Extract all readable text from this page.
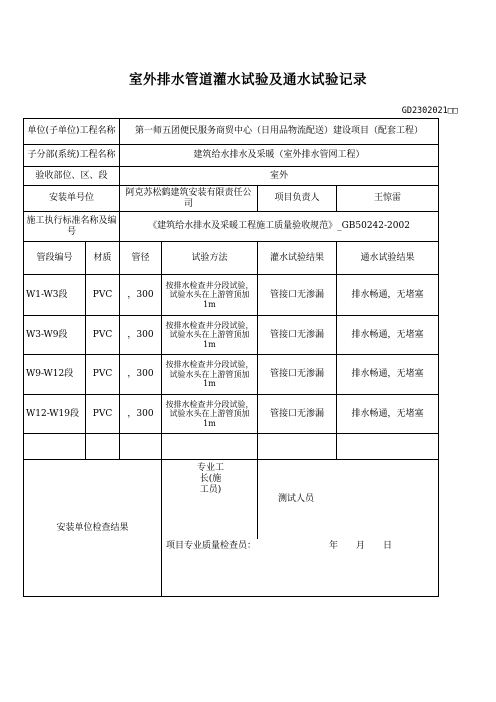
室外排水管道灌水试验及通水试验记录
GD2302021□□
单位(子单位)工程名称		第一师五团便民服务商贸中心（日用品物流配送）建设项目（配套工程）			
子分部(系统)工程名称		建筑给水排水及采暖（室外排水管网工程）			
验收部位、区、段		室外			
安装单号位		阿克苏松鹤建筑安装有限责任公司		项目负责人	王惊雷
施工执行标准名称及编号		《建筑给水排水及采暖工程施工质量验收规范》_GB50242-2002			
管段编号	材质	管径	试验方法	灌水试验结果	通水试验结果
W1-W3段	PVC	，300	按排水检查井分段试验，试验水头在上游管顶加1m	管接口无渗漏	排水畅通，无堵塞
W3-W9段	PVC	，300	按排水检查井分段试验，试验水头在上游管顶加1m	管接口无渗漏	排水畅通，无堵塞
W9-W12段	PVC	，300	按排水检查井分段试验，试验水头在上游管顶加1m	管接口无渗漏	排水畅通，无堵塞
W12-W19段	PVC	，300	按排水检查井分段试验，试验水头在上游管顶加1m	管接口无渗漏	排水畅通，无堵塞

安装单位检查结果			专业工
长(施
工员)	测试人员	
			项目专业质量检查员： 年　　月　　日		
